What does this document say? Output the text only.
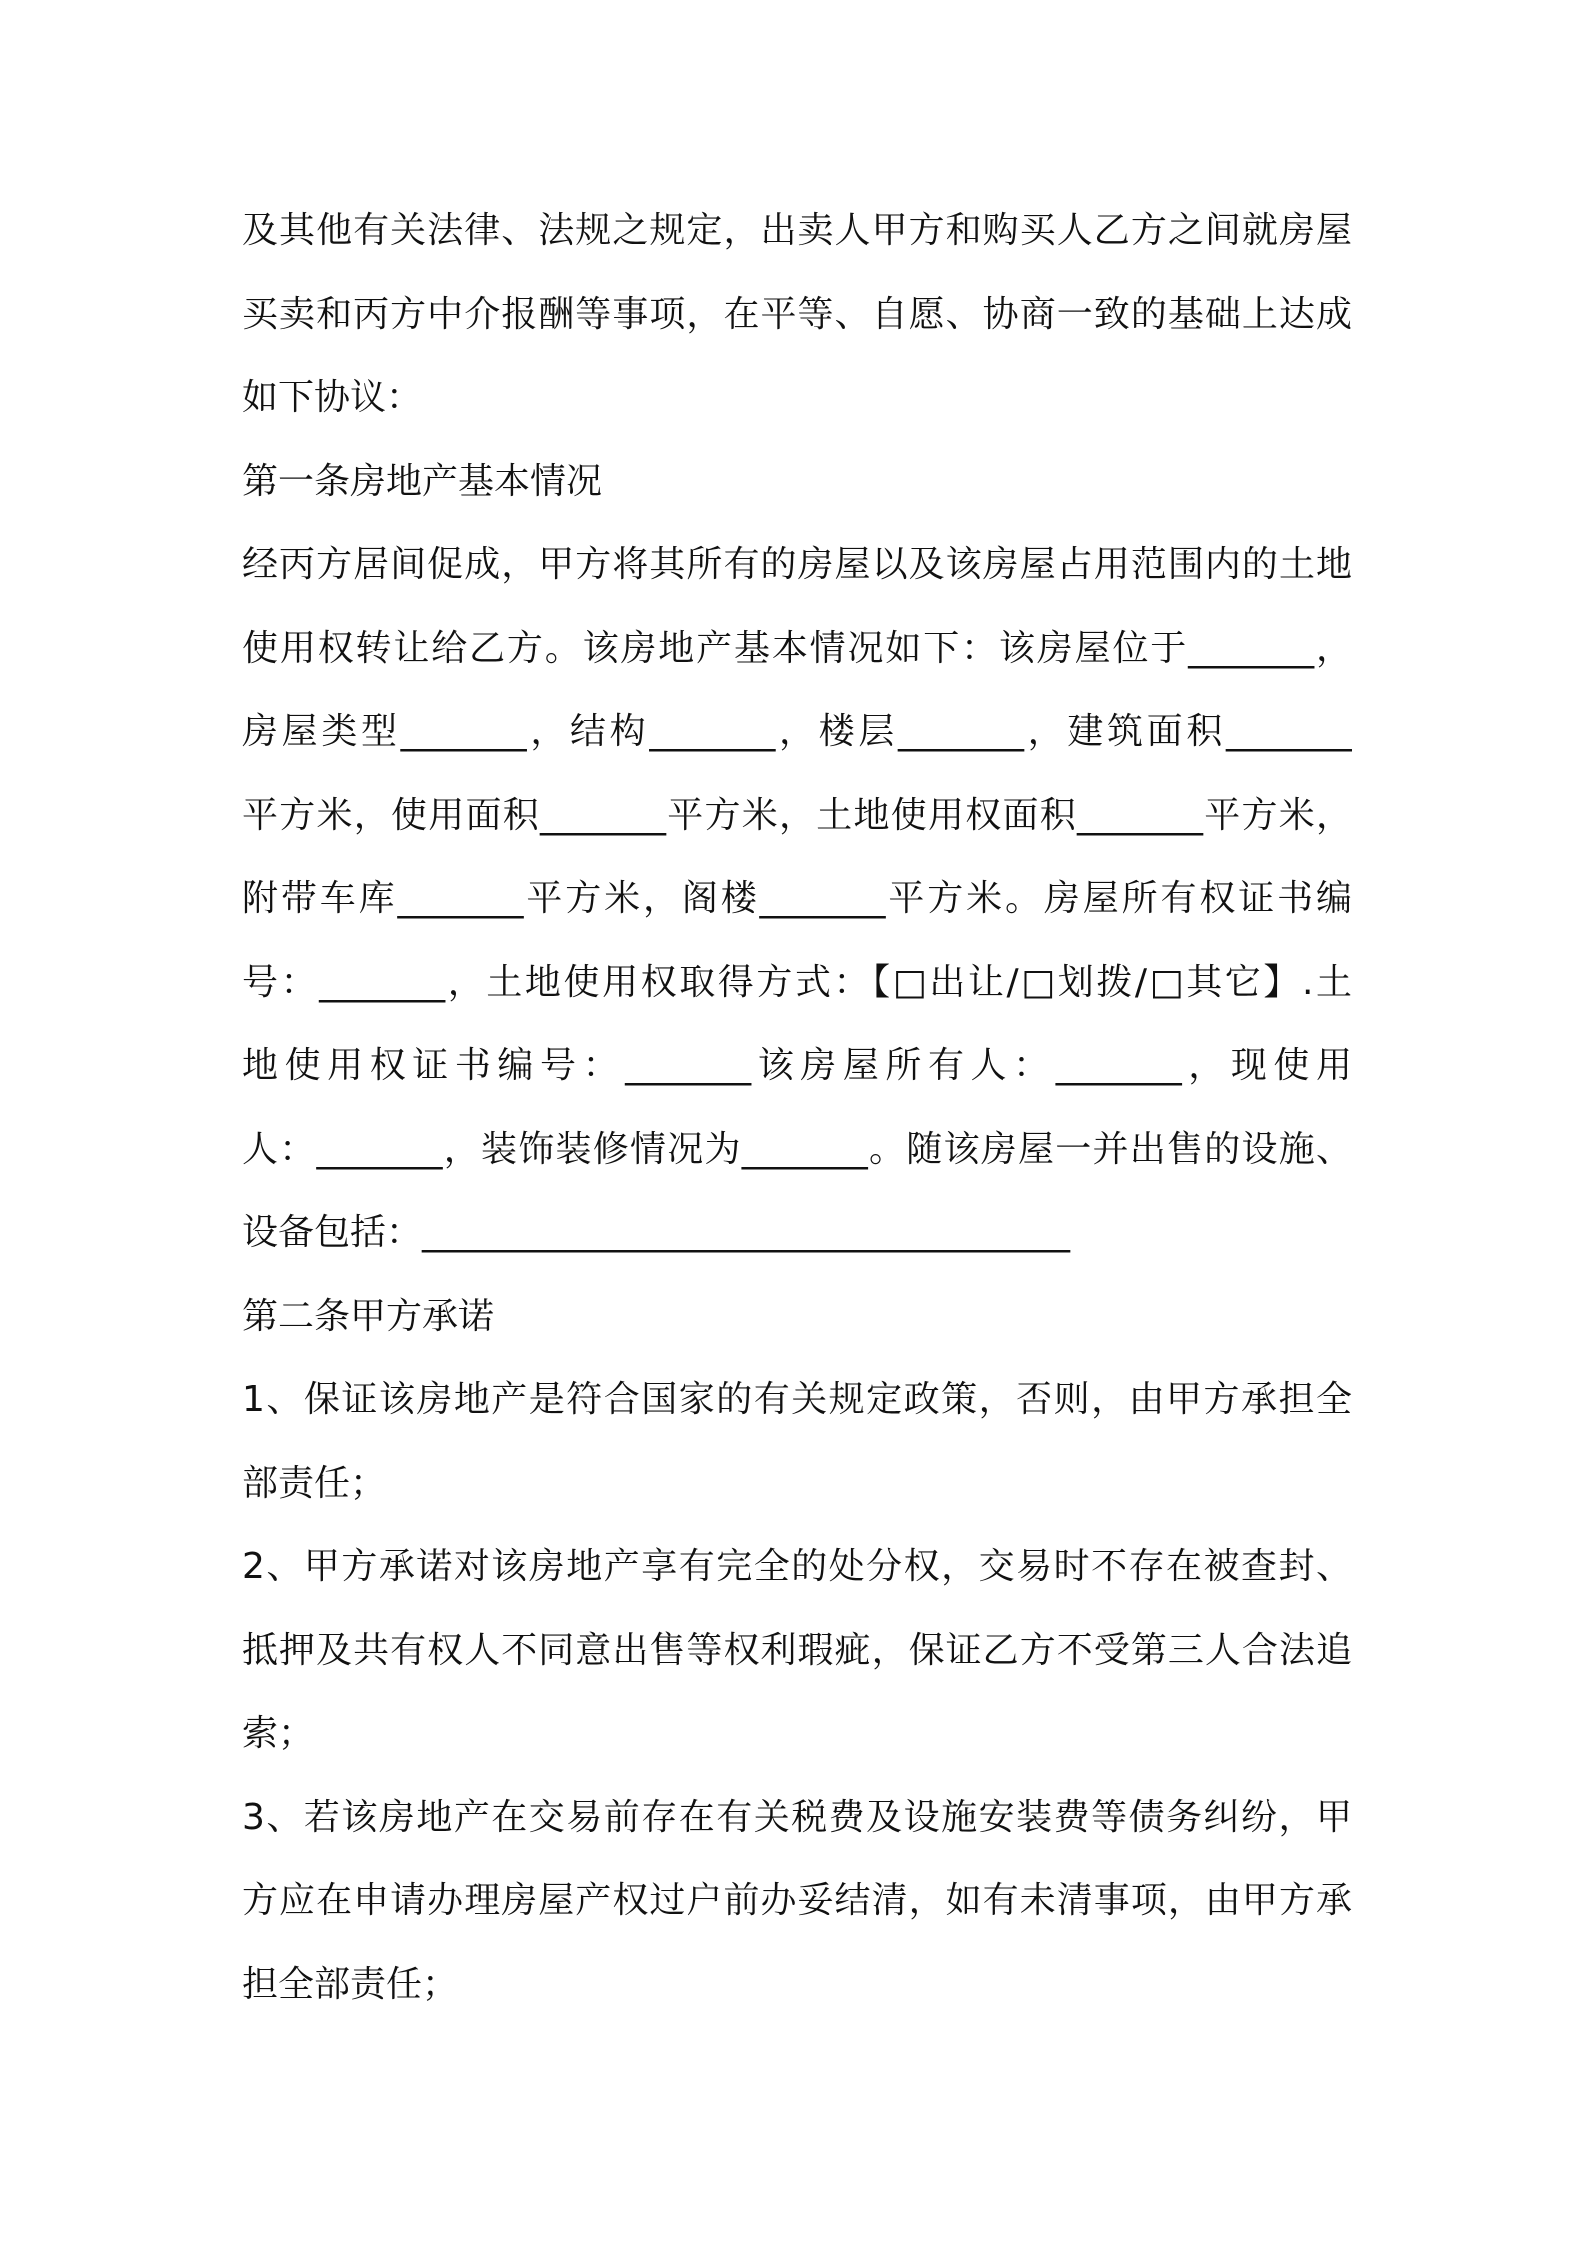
及其他有关法律、法规之规定，出卖人甲方和购买人乙方之间就房屋
买卖和丙方中介报酬等事项，在平等、自愿、协商一致的基础上达成
如下协议：
第一条房地产基本情况
经丙方居间促成，甲方将其所有的房屋以及该房屋占用范围内的土地
使用权转让给乙方。该房地产基本情况如下：该房屋位于_______，
房屋类型_______，结构_______，楼层_______，建筑面积_______
平方米，使用面积_______平方米，土地使用权面积_______平方米，
附带车库_______平方米，阁楼_______平方米。房屋所有权证书编
号：_______，土地使用权取得方式：【□出让/□划拨/□其它】.土
地使用权证书编号：_______该房屋所有人：_______，现使用
人：_______，装饰装修情况为_______。随该房屋一并出售的设施、
设备包括：____________________________________
第二条甲方承诺
1、保证该房地产是符合国家的有关规定政策，否则，由甲方承担全
部责任；
2、甲方承诺对该房地产享有完全的处分权，交易时不存在被查封、
抵押及共有权人不同意出售等权利瑕疵，保证乙方不受第三人合法追
索；
3、若该房地产在交易前存在有关税费及设施安装费等债务纠纷，甲
方应在申请办理房屋产权过户前办妥结清，如有未清事项，由甲方承
担全部责任；
